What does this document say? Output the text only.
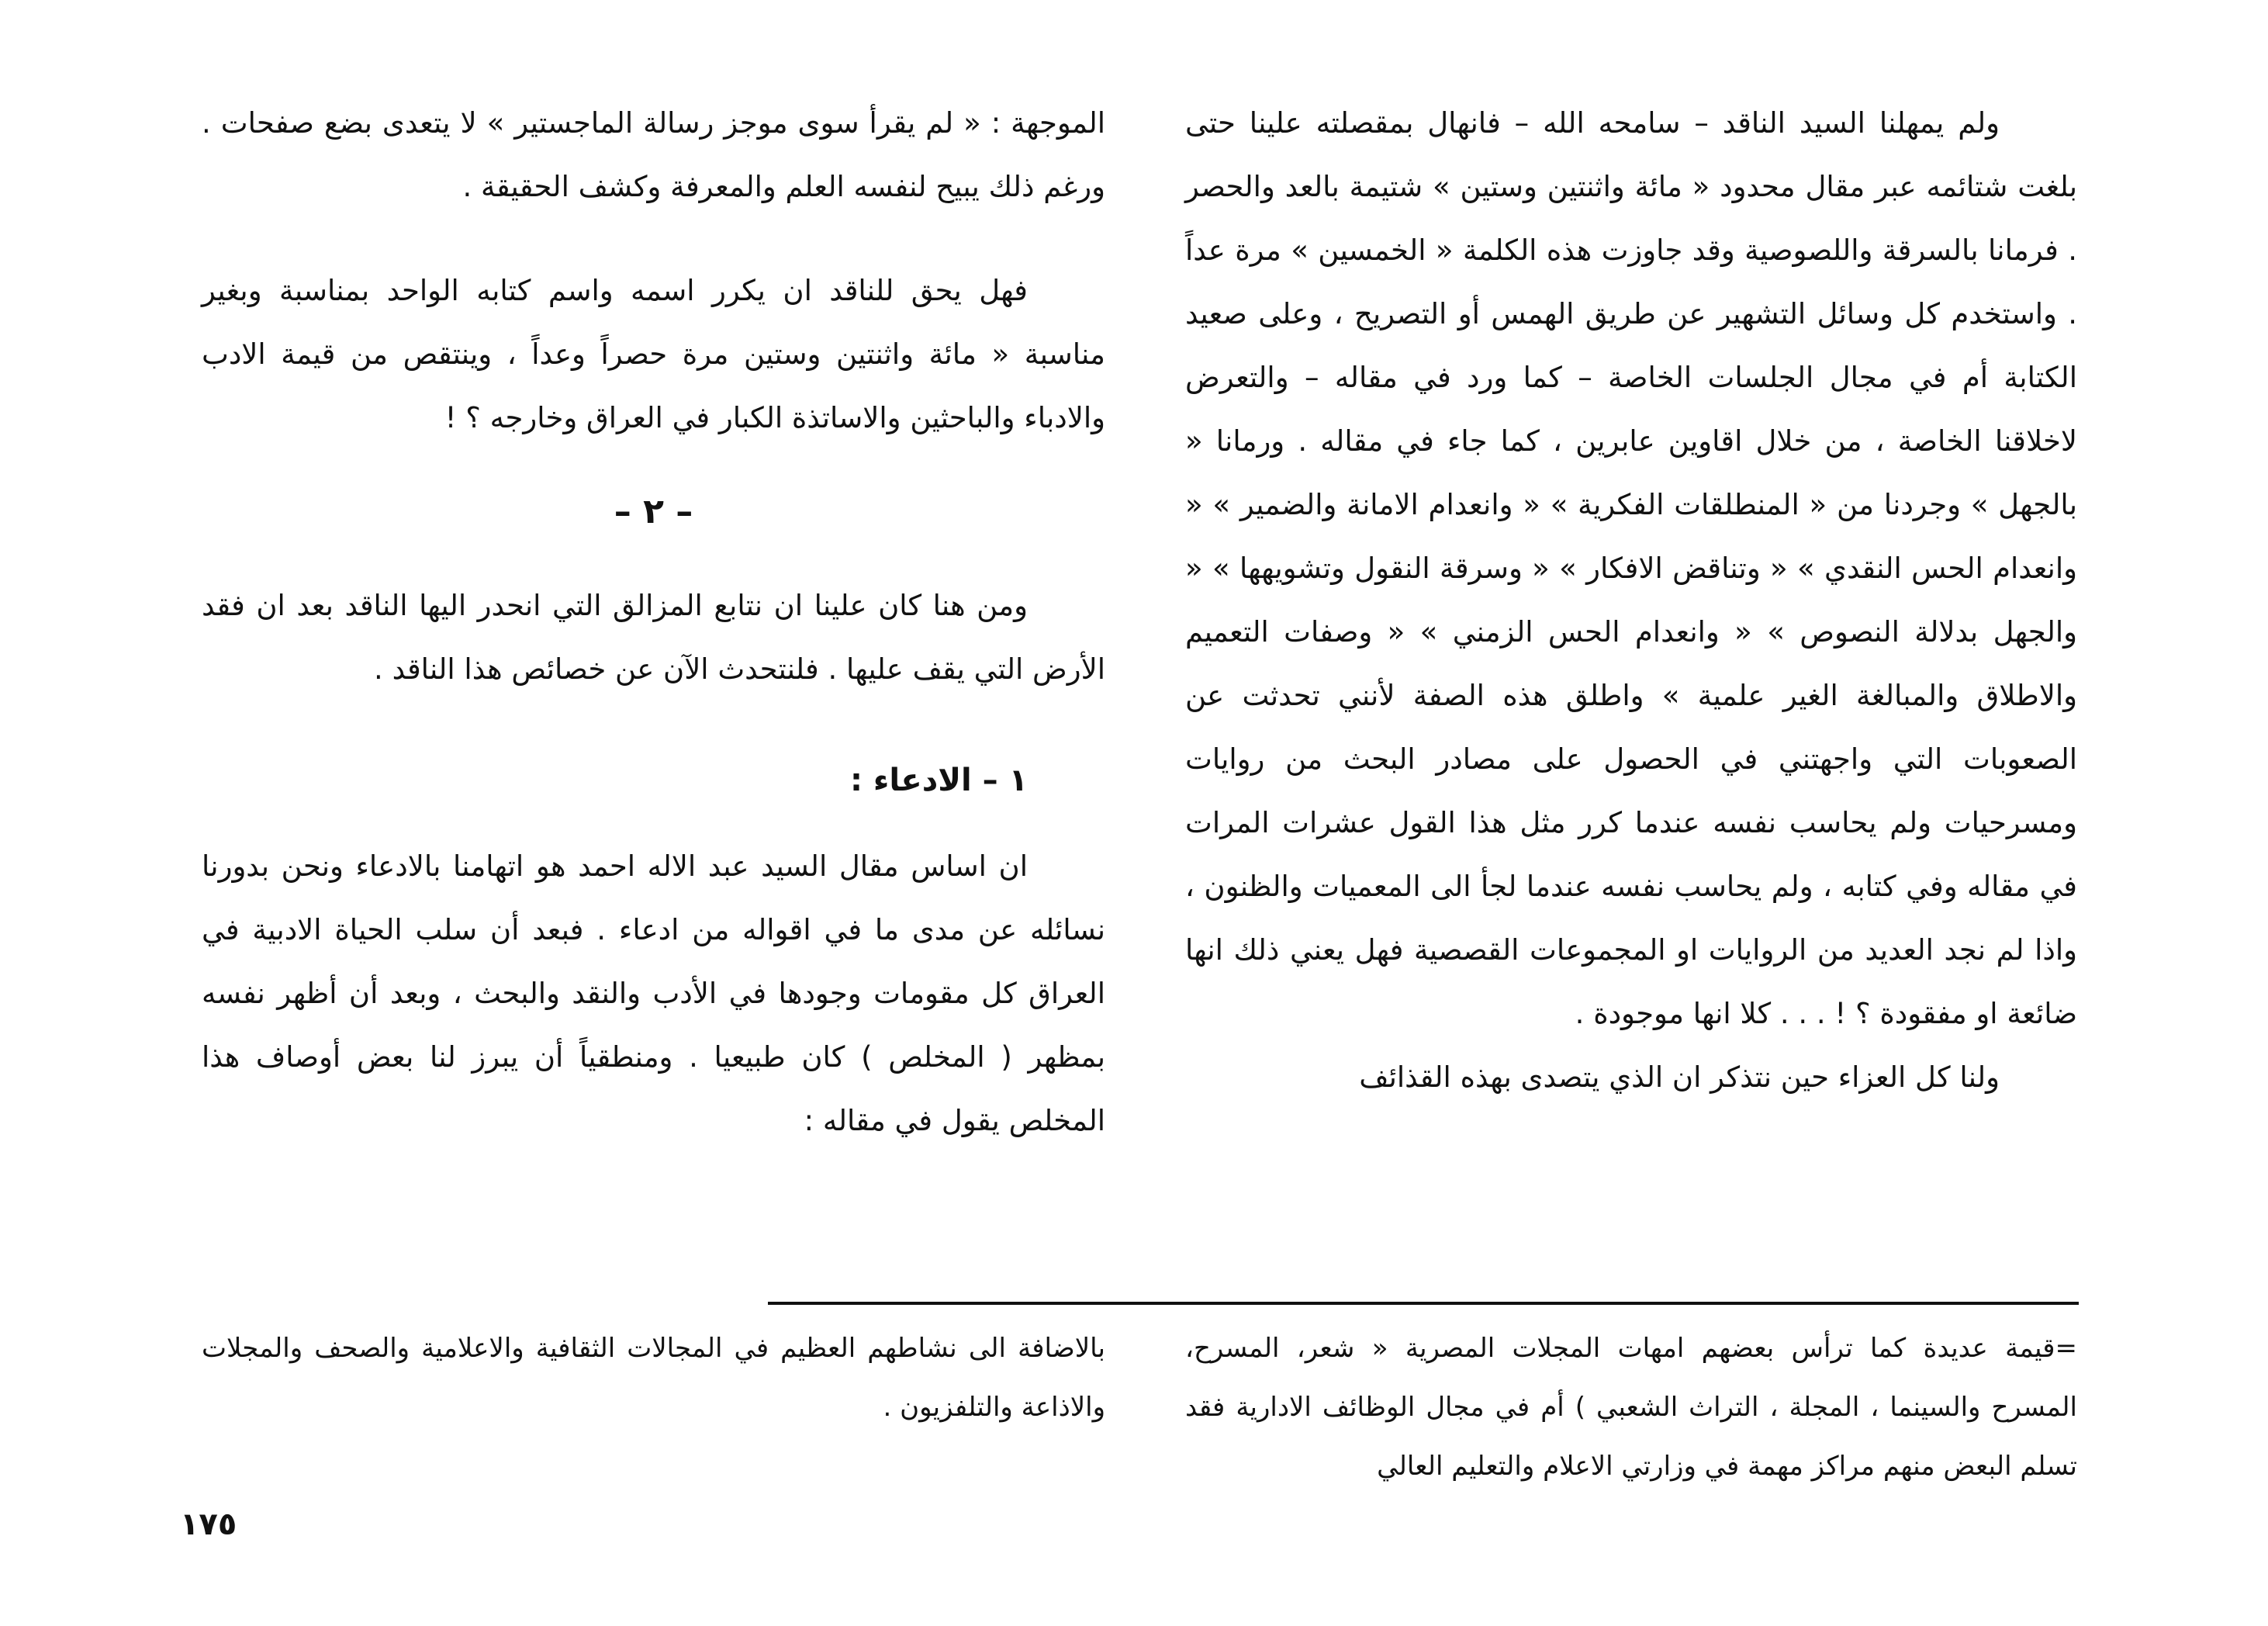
ولم يمهلنا السيد الناقد – سامحه الله – فانهال بمقصلته علينا حتى بلغت شتائمه عبر مقال محدود « مائة واثنتين وستين » شتيمة بالعد والحصر . فرمانا بالسرقة واللصوصية وقد جاوزت هذه الكلمة « الخمسين » مرة عداً . واستخدم كل وسائل التشهير عن طريق الهمس أو التصريح ، وعلى صعيد الكتابة أم في مجال الجلسات الخاصة – كما ورد في مقاله – والتعرض لاخلاقنا الخاصة ، من خلال اقاوين عابرين ، كما جاء في مقاله . ورمانا « بالجهل » وجردنا من « المنطلقات الفكرية » « وانعدام الامانة والضمير » « وانعدام الحس النقدي » « وتناقض الافكار » « وسرقة النقول وتشويهها » « والجهل بدلالة النصوص » « وانعدام الحس الزمني » « وصفات التعميم والاطلاق والمبالغة الغير علمية » واطلق هذه الصفة لأنني تحدثت عن الصعوبات التي واجهتني في الحصول على مصادر البحث من روايات ومسرحيات ولم يحاسب نفسه عندما كرر مثل هذا القول عشرات المرات في مقاله وفي كتابه ، ولم يحاسب نفسه عندما لجأ الى المعميات والظنون ، واذا لم نجد العديد من الروايات او المجموعات القصصية فهل يعني ذلك انها ضائعة او مفقودة ؟ ! . . . كلا انها موجودة .

ولنا كل العزاء حين نتذكر ان الذي يتصدى بهذه القذائف

الموجهة : « لم يقرأ سوى موجز رسالة الماجستير » لا يتعدى بضع صفحات . ورغم ذلك يبيح لنفسه العلم والمعرفة وكشف الحقيقة .

فهل يحق للناقد ان يكرر اسمه واسم كتابه الواحد بمناسبة وبغير مناسبة « مائة واثنتين وستين مرة حصراً وعداً ، وينتقص من قيمة الادب والادباء والباحثين والاساتذة الكبار في العراق وخارجه ؟ !

– ٢ –

ومن هنا كان علينا ان نتابع المزالق التي انحدر اليها الناقد بعد ان فقد الأرض التي يقف عليها . فلنتحدث الآن عن خصائص هذا الناقد .

١ – الادعاء :

ان اساس مقال السيد عبد الاله احمد هو اتهامنا بالادعاء ونحن بدورنا نسائله عن مدى ما في اقواله من ادعاء . فبعد أن سلب الحياة الادبية في العراق كل مقومات وجودها في الأدب والنقد والبحث ، وبعد أن أظهر نفسه بمظهر ( المخلص ) كان طبيعيا . ومنطقياً أن يبرز لنا بعض أوصاف هذا المخلص يقول في مقاله :

=قيمة عديدة كما ترأس بعضهم امهات المجلات المصرية « شعر، المسرح، المسرح والسينما ، المجلة ، التراث الشعبي ) أم في مجال الوظائف الادارية فقد تسلم البعض منهم مراكز مهمة في وزارتي الاعلام والتعليم العالي

بالاضافة الى نشاطهم العظيم في المجالات الثقافية والاعلامية والصحف والمجلات والاذاعة والتلفزيون .

١٧٥
